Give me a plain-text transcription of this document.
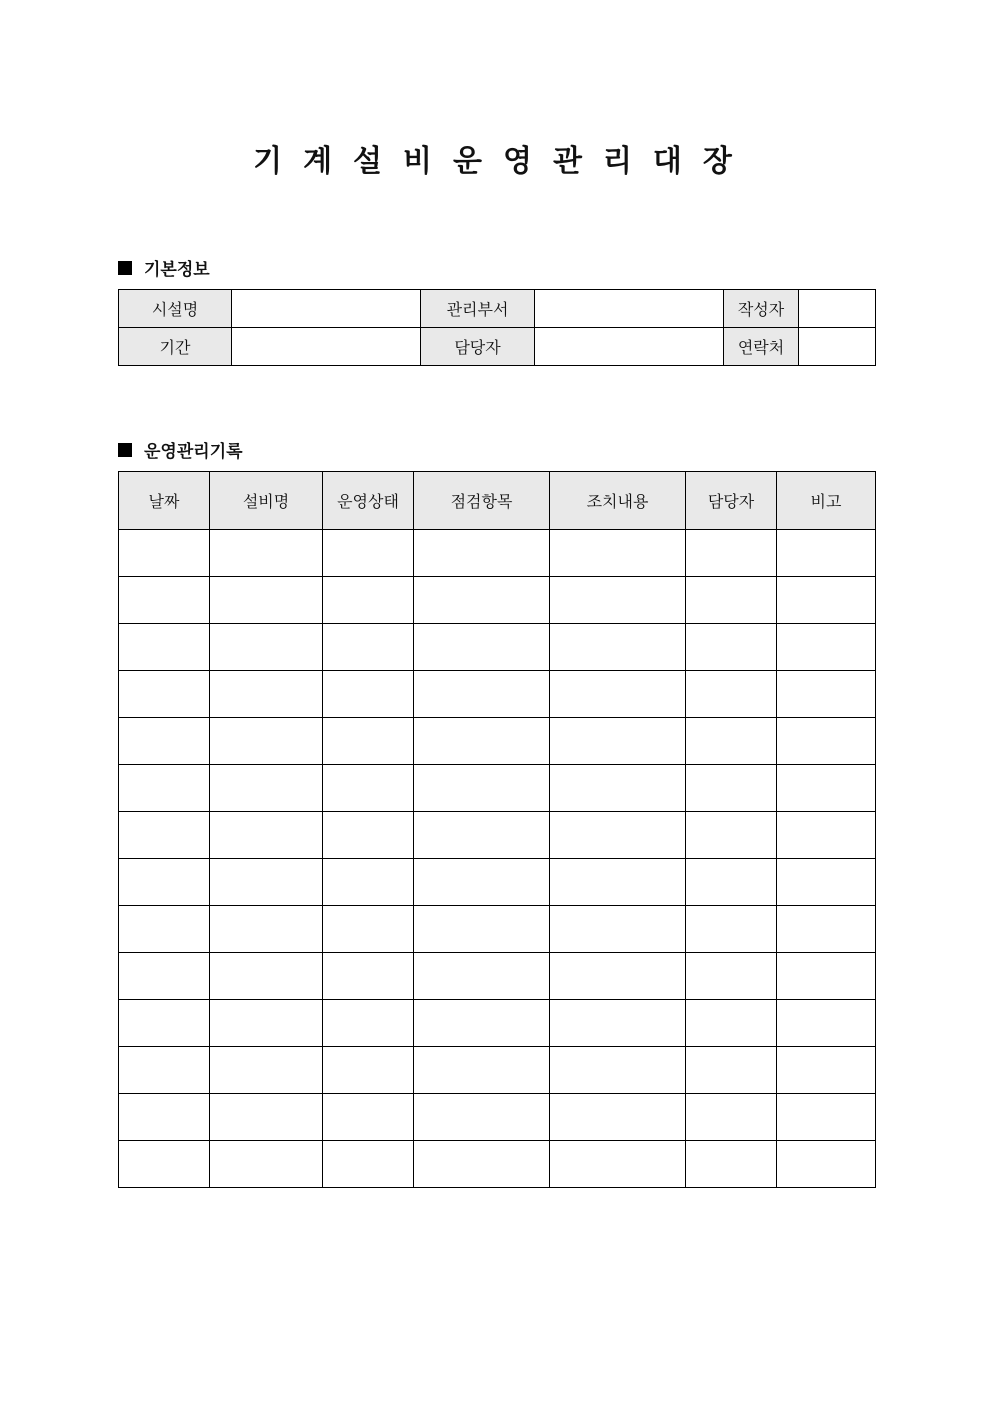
기계설비운영관리대장
기본정보
시설명		관리부서		작성자	
기간		담당자		연락처	
운영관리기록
날짜	설비명	운영상태	점검항목	조치내용	담당자	비고
